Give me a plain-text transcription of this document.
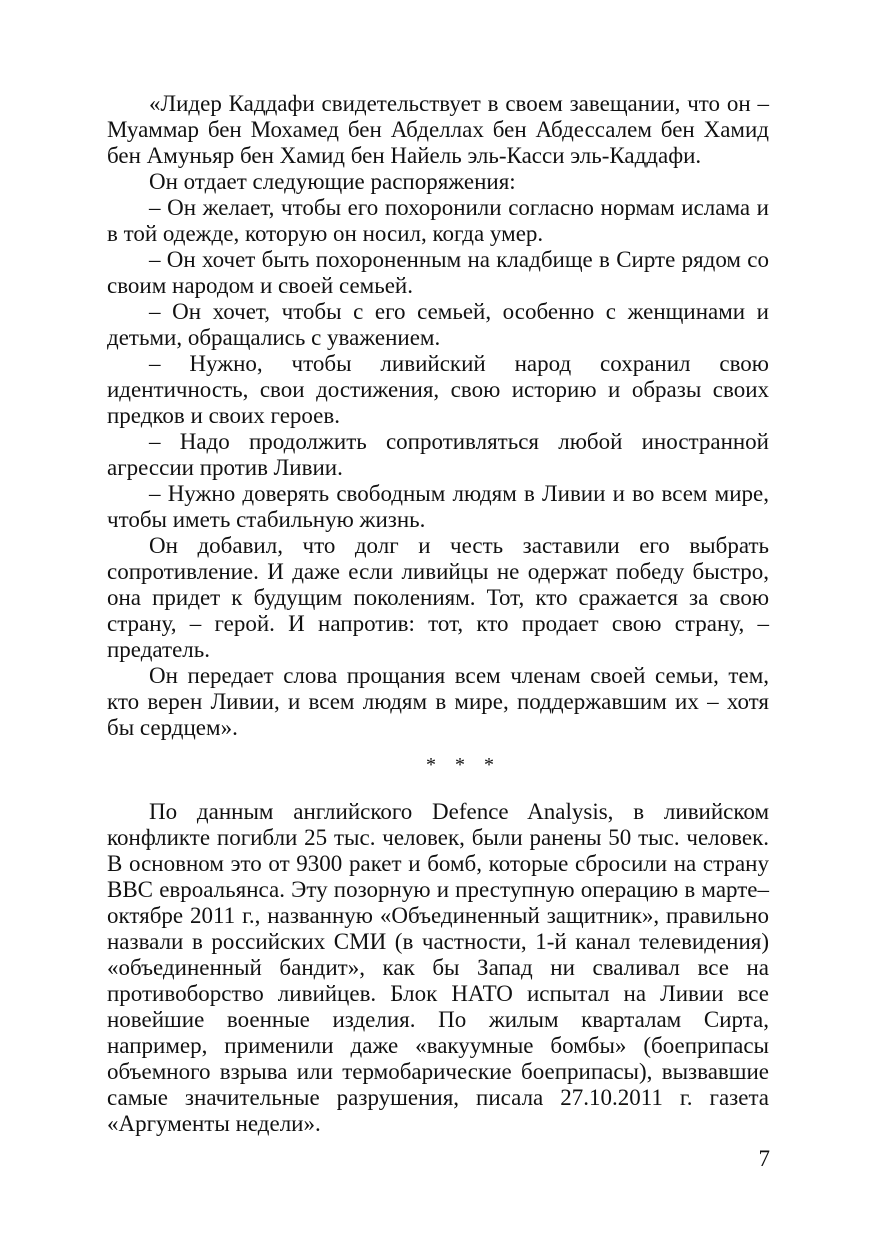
«Лидер Каддафи свидетельствует в своем завещании, что он – Муаммар бен Мохамед бен Абделлах бен Абдессалем бен Хамид бен Амуньяр бен Хамид бен Найель эль-Касси эль-Каддафи.

Он отдает следующие распоряжения:

– Он желает, чтобы его похоронили согласно нормам ислама и в той одежде, которую он носил, когда умер.

– Он хочет быть похороненным на кладбище в Сирте рядом со своим народом и своей семьей.

– Он хочет, чтобы с его семьей, особенно с женщинами и детьми, обращались с уважением.

– Нужно, чтобы ливийский народ сохранил свою идентичность, свои достижения, свою историю и образы своих предков и своих героев.

– Надо продолжить сопротивляться любой иностранной агрессии против Ливии.

– Нужно доверять свободным людям в Ливии и во всем мире, чтобы иметь стабильную жизнь.

Он добавил, что долг и честь заставили его выбрать сопротивление. И даже если ливийцы не одержат победу быстро, она придет к будущим поколениям. Тот, кто сражается за свою страну, – герой. И напротив: тот, кто продает свою страну, – предатель.

Он передает слова прощания всем членам своей семьи, тем, кто верен Ливии, и всем людям в мире, поддержавшим их – хотя бы сердцем».

* * *

По данным английского Defence Analysis, в ливийском конфликте погибли 25 тыс. человек, были ранены 50 тыс. человек. В основном это от 9300 ракет и бомб, которые сбросили на страну ВВС евроальянса. Эту позорную и преступную операцию в марте–октябре 2011 г., названную «Объединенный защитник», правильно назвали в российских СМИ (в частности, 1-й канал телевидения) «объединенный бандит», как бы Запад ни сваливал все на противоборство ливийцев. Блок НАТО испытал на Ливии все новейшие военные изделия. По жилым кварталам Сирта, например, применили даже «вакуумные бомбы» (боеприпасы объемного взрыва или термобарические боеприпасы), вызвавшие самые значительные разрушения, писала 27.10.2011 г. газета «Аргументы недели».

7
